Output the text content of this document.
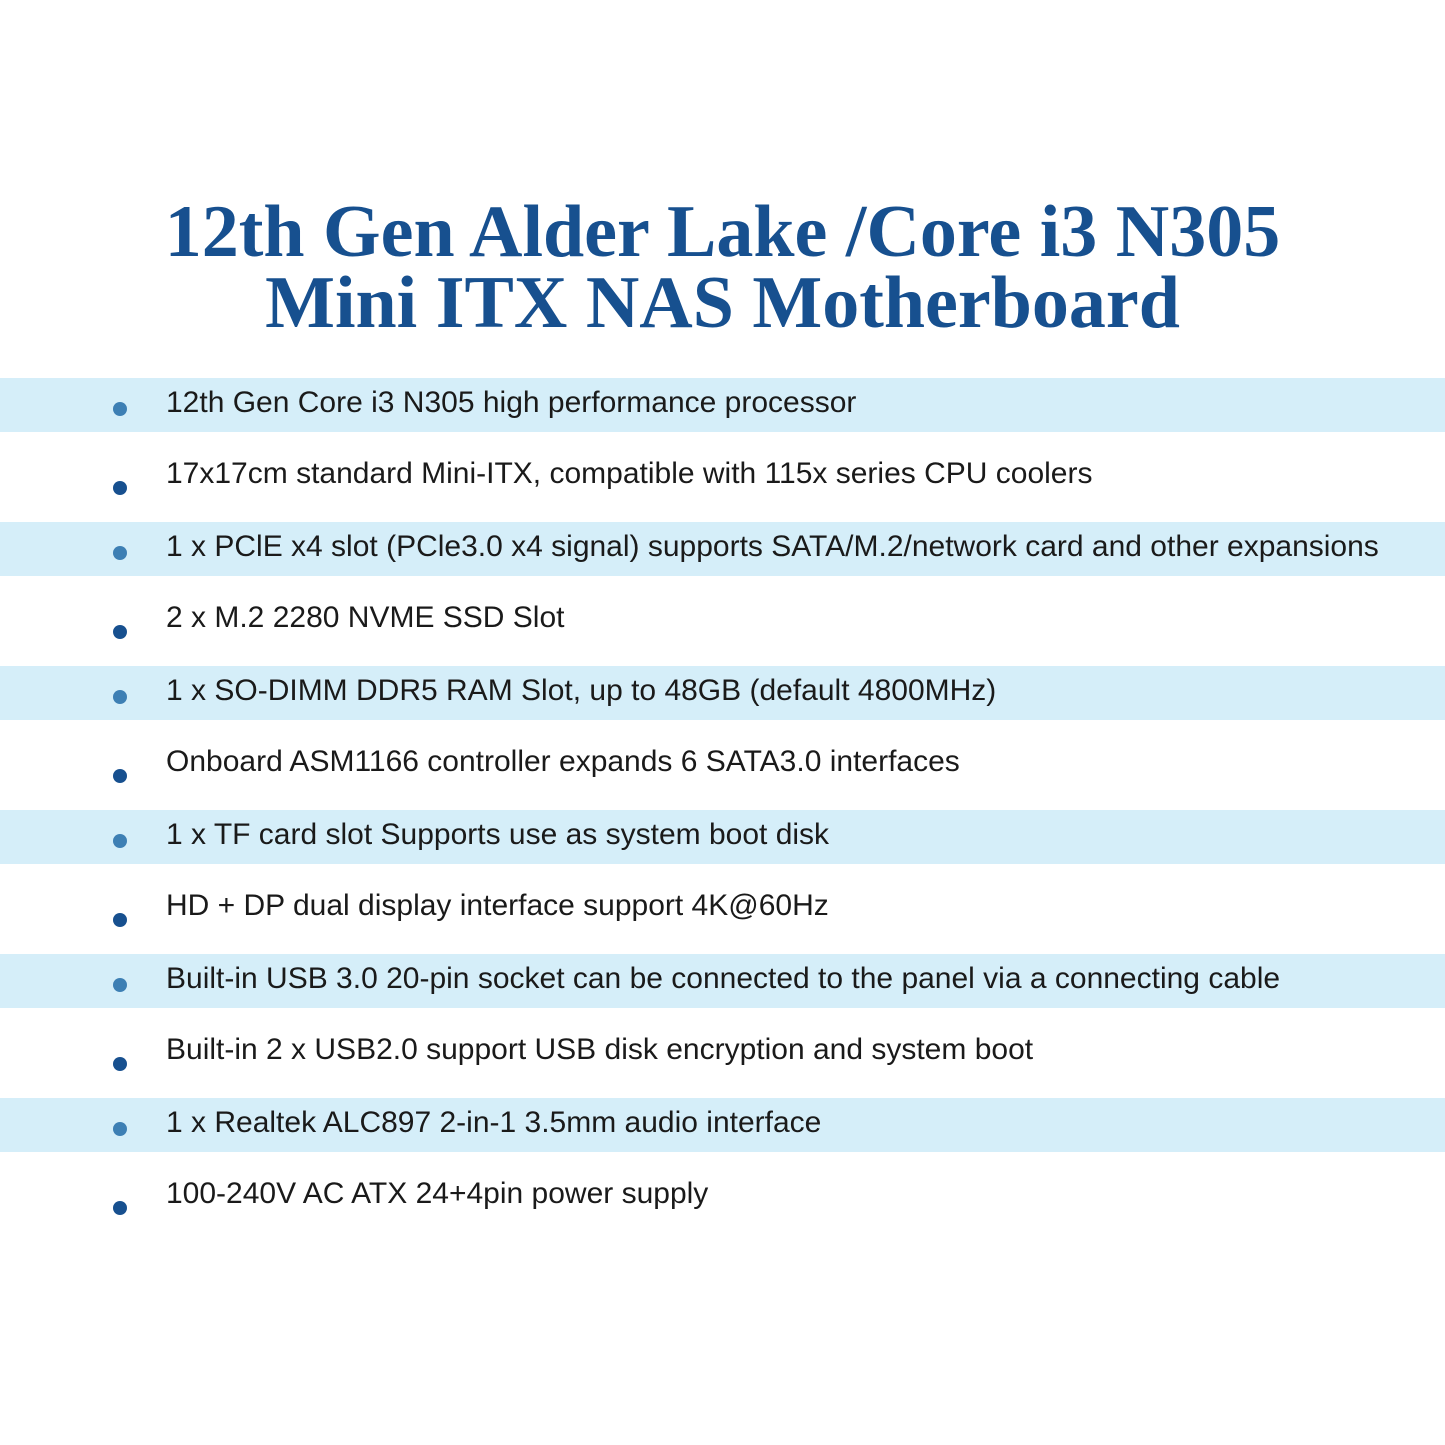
12th Gen Alder Lake /Core i3 N305
Mini ITX NAS Motherboard
12th Gen Core i3 N305 high performance processor
17x17cm standard Mini-ITX, compatible with 115x series CPU coolers
1 x PClE x4 slot (PCle3.0 x4 signal) supports SATA/M.2/network card and other expansions
2 x M.2 2280 NVME SSD Slot
1 x SO-DIMM DDR5 RAM Slot, up to 48GB (default 4800MHz)
Onboard ASM1166 controller expands 6 SATA3.0 interfaces
1 x TF card slot Supports use as system boot disk
HD + DP dual display interface support 4K@60Hz
Built-in USB 3.0 20-pin socket can be connected to the panel via a connecting cable
Built-in 2 x USB2.0 support USB disk encryption and system boot
1 x Realtek ALC897 2-in-1 3.5mm audio interface
100-240V AC ATX 24+4pin power supply
